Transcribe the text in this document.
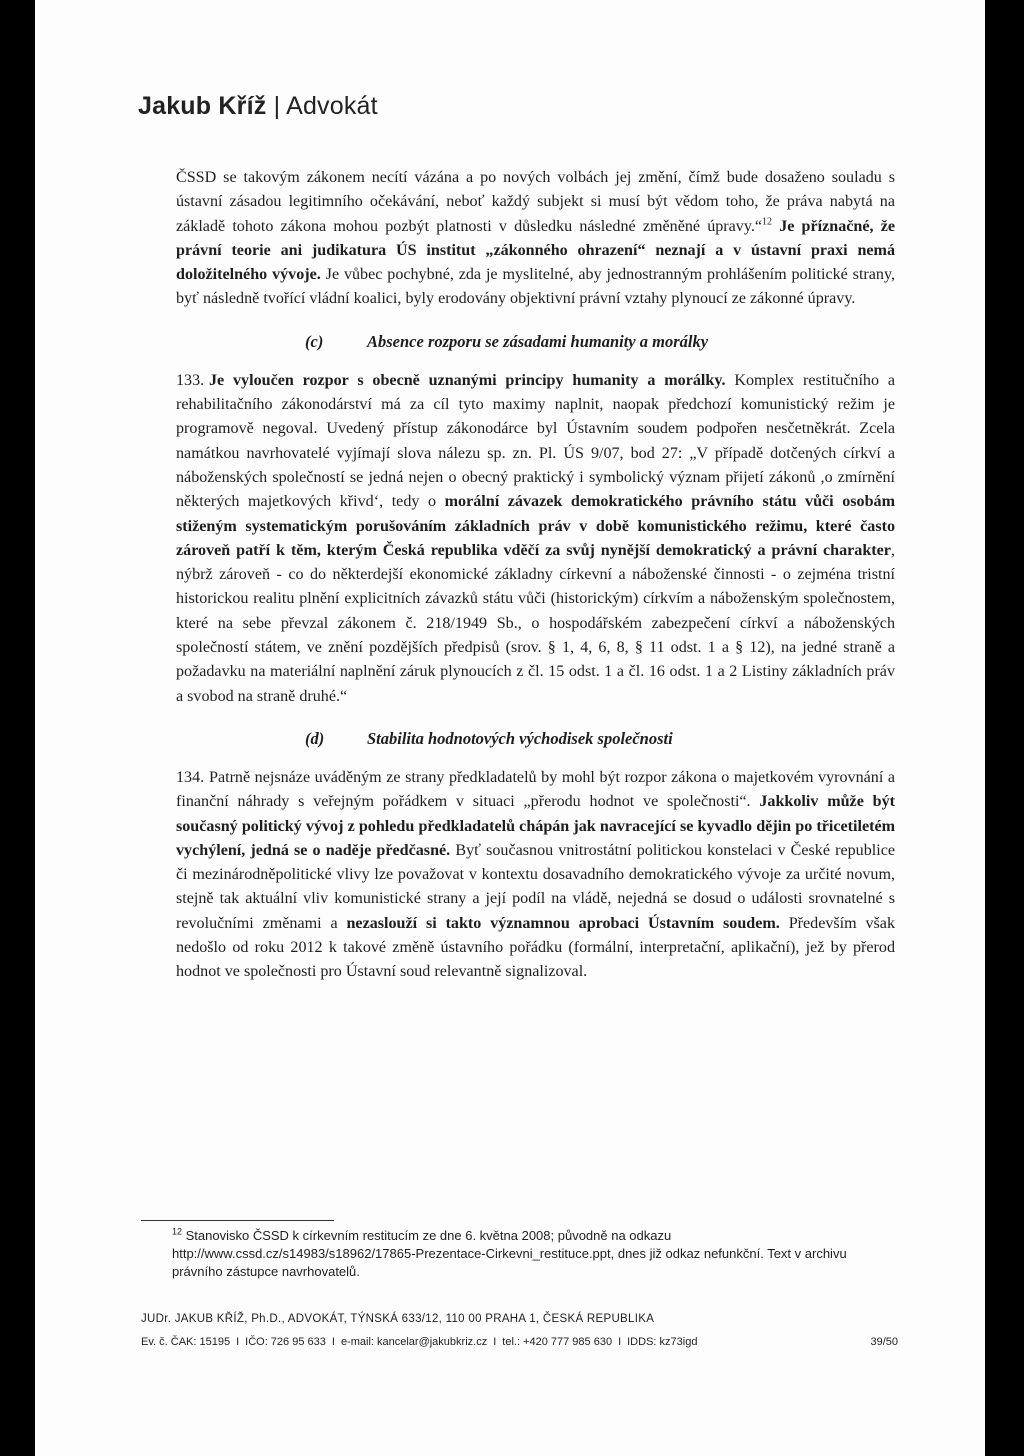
Jakub Kříž | Advokát

ČSSD se takovým zákonem necítí vázána a po nových volbách jej změní, čímž bude dosaženo souladu s ústavní zásadou legitimního očekávání, neboť každý subjekt si musí být vědom toho, že práva nabytá na základě tohoto zákona mohou pozbýt platnosti v důsledku následné změněné úpravy.“$^{12}$ Je příznačné, že právní teorie ani judikatura ÚS institut „zákonného ohrazení“ neznají a v ústavní praxi nemá doložitelného vývoje. Je vůbec pochybné, zda je myslitelné, aby jednostranným prohlášením politické strany, byť následně tvořící vládní koalici, byly erodovány objektivní právní vztahy plynoucí ze zákonné úpravy.

(c)	Absence rozporu se zásadami humanity a morálky

133. Je vyloučen rozpor s obecně uznanými principy humanity a morálky. Komplex restitučního a rehabilitačního zákonodárství má za cíl tyto maximy naplnit, naopak předchozí komunistický režim je programově negoval. Uvedený přístup zákonodárce byl Ústavním soudem podpořen nesčetněkrát. Zcela namátkou navrhovatelé vyjímají slova nálezu sp. zn. Pl. ÚS 9/07, bod 27: „V případě dotčených církví a náboženských společností se jedná nejen o obecný praktický i symbolický význam přijetí zákonů ,o zmírnění některých majetkových křivd‘, tedy o morální závazek demokratického právního státu vůči osobám stiženým systematickým porušováním základních práv v době komunistického režimu, které často zároveň patří k těm, kterým Česká republika vděčí za svůj nynější demokratický a právní charakter, nýbrž zároveň - co do některdejší ekonomické základny církevní a náboženské činnosti - o zejména tristní historickou realitu plnění explicitních závazků státu vůči (historickým) církvím a náboženským společnostem, které na sebe převzal zákonem č. 218/1949 Sb., o hospodářském zabezpečení církví a náboženských společností státem, ve znění pozdějších předpisů (srov. § 1, 4, 6, 8, § 11 odst. 1 a § 12), na jedné straně a požadavku na materiální naplnění záruk plynoucích z čl. 15 odst. 1 a čl. 16 odst. 1 a 2 Listiny základních práv a svobod na straně druhé.“

(d)	Stabilita hodnotových východisek společnosti

134. Patrně nejsnáze uváděným ze strany předkladatelů by mohl být rozpor zákona o majetkovém vyrovnání a finanční náhrady s veřejným pořádkem v situaci „přerodu hodnot ve společnosti“. Jakkoliv může být současný politický vývoj z pohledu předkladatelů chápán jak navracející se kyvadlo dějin po třicetiletém vychýlení, jedná se o naděje předčasné. Byť současnou vnitrostátní politickou konstelaci v České republice či mezinárodněpolitické vlivy lze považovat v kontextu dosavadního demokratického vývoje za určité novum, stejně tak aktuální vliv komunistické strany a její podíl na vládě, nejedná se dosud o události srovnatelné s revolučními změnami a nezaslouží si takto významnou aprobaci Ústavním soudem. Především však nedošlo od roku 2012 k takové změně ústavního pořádku (formální, interpretační, aplikační), jež by přerod hodnot ve společnosti pro Ústavní soud relevantně signalizoval.

$^{12}$ Stanovisko ČSSD k církevním restitucím ze dne 6. května 2008; původně na odkazu http://www.cssd.cz/s14983/s18962/17865-Prezentace-Cirkevni_restituce.ppt, dnes již odkaz nefunkční. Text v archivu právního zástupce navrhovatelů.
JUDr. JAKUB KŘÍŽ, Ph.D., ADVOKÁT, TÝNSKÁ 633/12, 110 00 PRAHA 1, ČESKÁ REPUBLIKA
Ev. č. ČAK: 15195 I IČO: 726 95 633 I e-mail: kancelar@jakubkriz.cz I tel.: +420 777 985 630 I IDDS: kz73igd	39/50
